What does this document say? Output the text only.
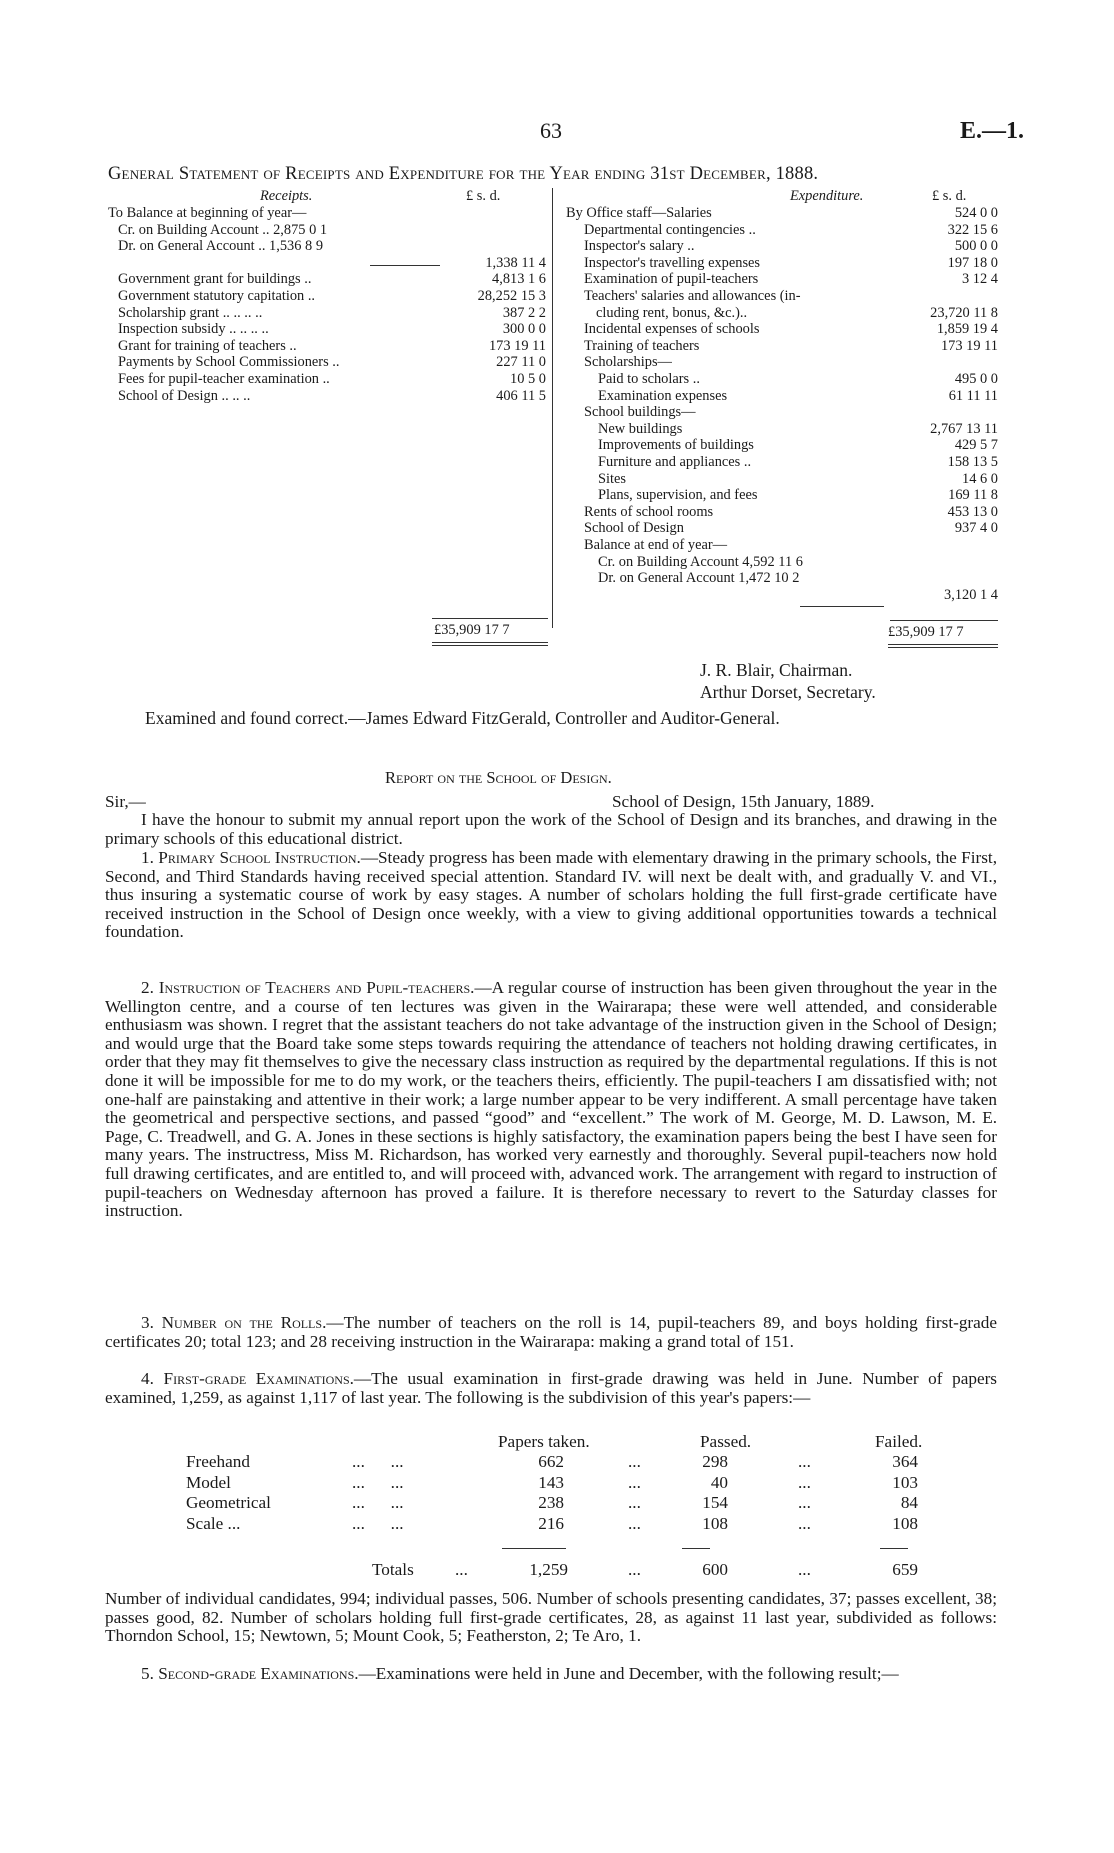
63	E.—1.
General Statement of Receipts and Expenditure for the Year ending 31st December, 1888.
Receipts.	£ s. d.
To Balance at beginning of year—
Cr. on Building Account .. 2,875 0 1
Dr. on General Account .. 1,536 8 9
1,338 11 4
Government grant for buildings ..	4,813 1 6
Government statutory capitation ..	28,252 15 3
Scholarship grant .. .. .. ..	387 2 2
Inspection subsidy .. .. .. ..	300 0 0
Grant for training of teachers ..	173 19 11
Payments by School Commissioners ..	227 11 0
Fees for pupil-teacher examination ..	10 5 0
School of Design .. .. ..	406 11 5
£35,909 17 7
Expenditure.	£ s. d.
By Office staff—Salaries	524 0 0
Departmental contingencies ..	322 15 6
Inspector's salary ..	500 0 0
Inspector's travelling expenses	197 18 0
Examination of pupil-teachers	3 12 4
Teachers' salaries and allowances (in-
cluding rent, bonus, &c.)..	23,720 11 8
Incidental expenses of schools	1,859 19 4
Training of teachers	173 19 11
Scholarships—
Paid to scholars ..	495 0 0
Examination expenses	61 11 11
School buildings—
New buildings	2,767 13 11
Improvements of buildings	429 5 7
Furniture and appliances ..	158 13 5
Sites	14 6 0
Plans, supervision, and fees	169 11 8
Rents of school rooms	453 13 0
School of Design	937 4 0
Balance at end of year—
Cr. on Building Account 4,592 11 6
Dr. on General Account 1,472 10 2
3,120 1 4
£35,909 17 7
J. R. Blair, Chairman.
Arthur Dorset, Secretary.
Examined and found correct.—James Edward FitzGerald, Controller and Auditor-General.
Report on the School of Design.
Sir,—	School of Design, 15th January, 1889.
I have the honour to submit my annual report upon the work of the School of Design and its branches, and drawing in the primary schools of this educational district.
1. Primary School Instruction.—Steady progress has been made with elementary drawing in the primary schools, the First, Second, and Third Standards having received special attention. Standard IV. will next be dealt with, and gradually V. and VI., thus insuring a systematic course of work by easy stages. A number of scholars holding the full first-grade certificate have received instruction in the School of Design once weekly, with a view to giving additional opportunities towards a technical foundation.
2. Instruction of Teachers and Pupil-teachers.—A regular course of instruction has been given throughout the year in the Wellington centre, and a course of ten lectures was given in the Wairarapa; these were well attended, and considerable enthusiasm was shown. I regret that the assistant teachers do not take advantage of the instruction given in the School of Design; and would urge that the Board take some steps towards requiring the attendance of teachers not holding drawing certificates, in order that they may fit themselves to give the necessary class instruction as required by the departmental regulations. If this is not done it will be impossible for me to do my work, or the teachers theirs, efficiently. The pupil-teachers I am dissatisfied with; not one-half are painstaking and attentive in their work; a large number appear to be very indifferent. A small percentage have taken the geometrical and perspective sections, and passed “good” and “excellent.” The work of M. George, M. D. Lawson, M. E. Page, C. Treadwell, and G. A. Jones in these sections is highly satisfactory, the examination papers being the best I have seen for many years. The instructress, Miss M. Richardson, has worked very earnestly and thoroughly. Several pupil-teachers now hold full drawing certificates, and are entitled to, and will proceed with, advanced work. The arrangement with regard to instruction of pupil-teachers on Wednesday afternoon has proved a failure. It is therefore necessary to revert to the Saturday classes for instruction.
3. Number on the Rolls.—The number of teachers on the roll is 14, pupil-teachers 89, and boys holding first-grade certificates 20; total 123; and 28 receiving instruction in the Wairarapa: making a grand total of 151.
4. First-grade Examinations.—The usual examination in first-grade drawing was held in June. Number of papers examined, 1,259, as against 1,117 of last year. The following is the subdivision of this year's papers:—
Papers taken.	Passed.	Failed.
Freehand	662	298	364
...      ...	...	...
Model	143	40	103
...      ...	...	...
Geometrical	238	154	84
...      ...	...	...
Scale ...	216	108	108
...      ...	...	...
Totals	1,259	600	659
...	...	...
Number of individual candidates, 994; individual passes, 506. Number of schools presenting candidates, 37; passes excellent, 38; passes good, 82. Number of scholars holding full first-grade certificates, 28, as against 11 last year, subdivided as follows: Thorndon School, 15; Newtown, 5; Mount Cook, 5; Featherston, 2; Te Aro, 1.
5. Second-grade Examinations.—Examinations were held in June and December, with the following result;—
